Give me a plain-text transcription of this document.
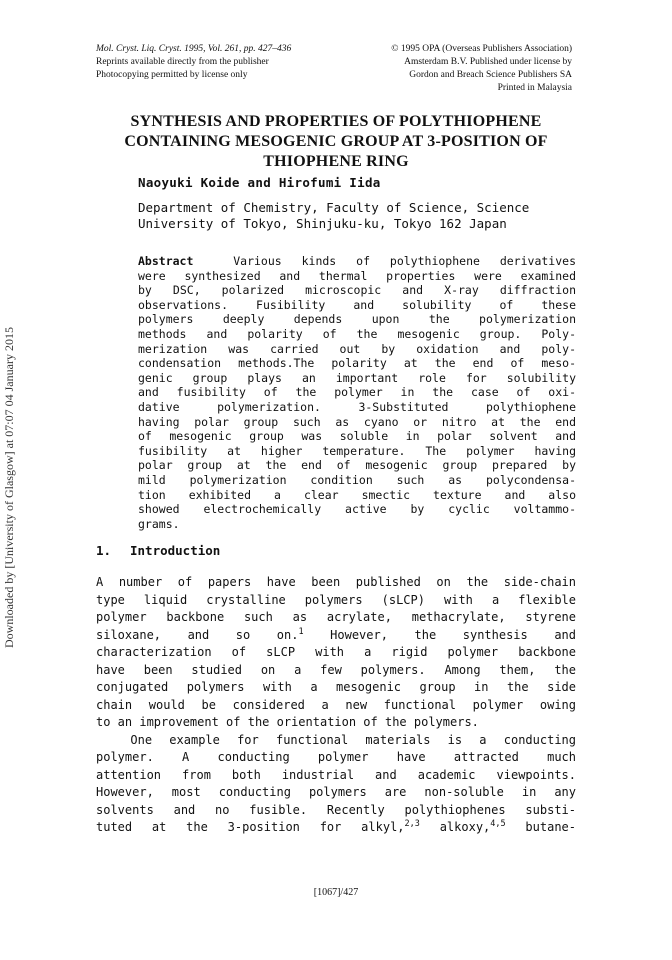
Downloaded by [University of Glasgow] at 07:07 04 January 2015
Mol. Cryst. Liq. Cryst. 1995, Vol. 261, pp. 427–436
Reprints available directly from the publisher
Photocopying permitted by license only
© 1995 OPA (Overseas Publishers Association)
Amsterdam B.V. Published under license by
Gordon and Breach Science Publishers SA
Printed in Malaysia
SYNTHESIS AND PROPERTIES OF POLYTHIOPHENE
CONTAINING MESOGENIC GROUP AT 3-POSITION OF
THIOPHENE RING
Naoyuki Koide and Hirofumi Iida
Department of Chemistry, Faculty of Science, Science
University of Tokyo, Shinjuku-ku, Tokyo 162 Japan
Abstract	Various kinds of polythiophene derivatives
were synthesized and thermal properties were examined
by DSC, polarized microscopic and X-ray diffraction
observations. Fusibility and solubility of these
polymers deeply depends upon the polymerization
methods and polarity of the mesogenic group. Poly-
merization was carried out by oxidation and poly-
condensation methods.The polarity at the end of meso-
genic group plays an important role for solubility
and fusibility of the polymer in the case of oxi-
dative polymerization. 3-Substituted polythiophene
having polar group such as cyano or nitro at the end
of mesogenic group was soluble in polar solvent and
fusibility at higher temperature. The polymer having
polar group at the end of mesogenic group prepared by
mild polymerization condition such as polycondensa-
tion exhibited a clear smectic texture and also
showed electrochemically active by cyclic voltammo-
grams.
1. Introduction
A number of papers have been published on the side-chain
type liquid crystalline polymers (sLCP) with a flexible
polymer backbone such as acrylate, methacrylate, styrene
siloxane, and so on.$^1$ However, the synthesis and
characterization of sLCP with a rigid polymer backbone
have been studied on a few polymers. Among them, the
conjugated polymers with a mesogenic group in the side
chain would be considered a new functional polymer owing
to an improvement of the orientation of the polymers.
One example for functional materials is a conducting
polymer. A conducting polymer have attracted much
attention from both industrial and academic viewpoints.
However, most conducting polymers are non-soluble in any
solvents and no fusible. Recently polythiophenes substi-
tuted at the 3-position for alkyl,$^{2,3}$ alkoxy,$^{4,5}$ butane-
[1067]/427
